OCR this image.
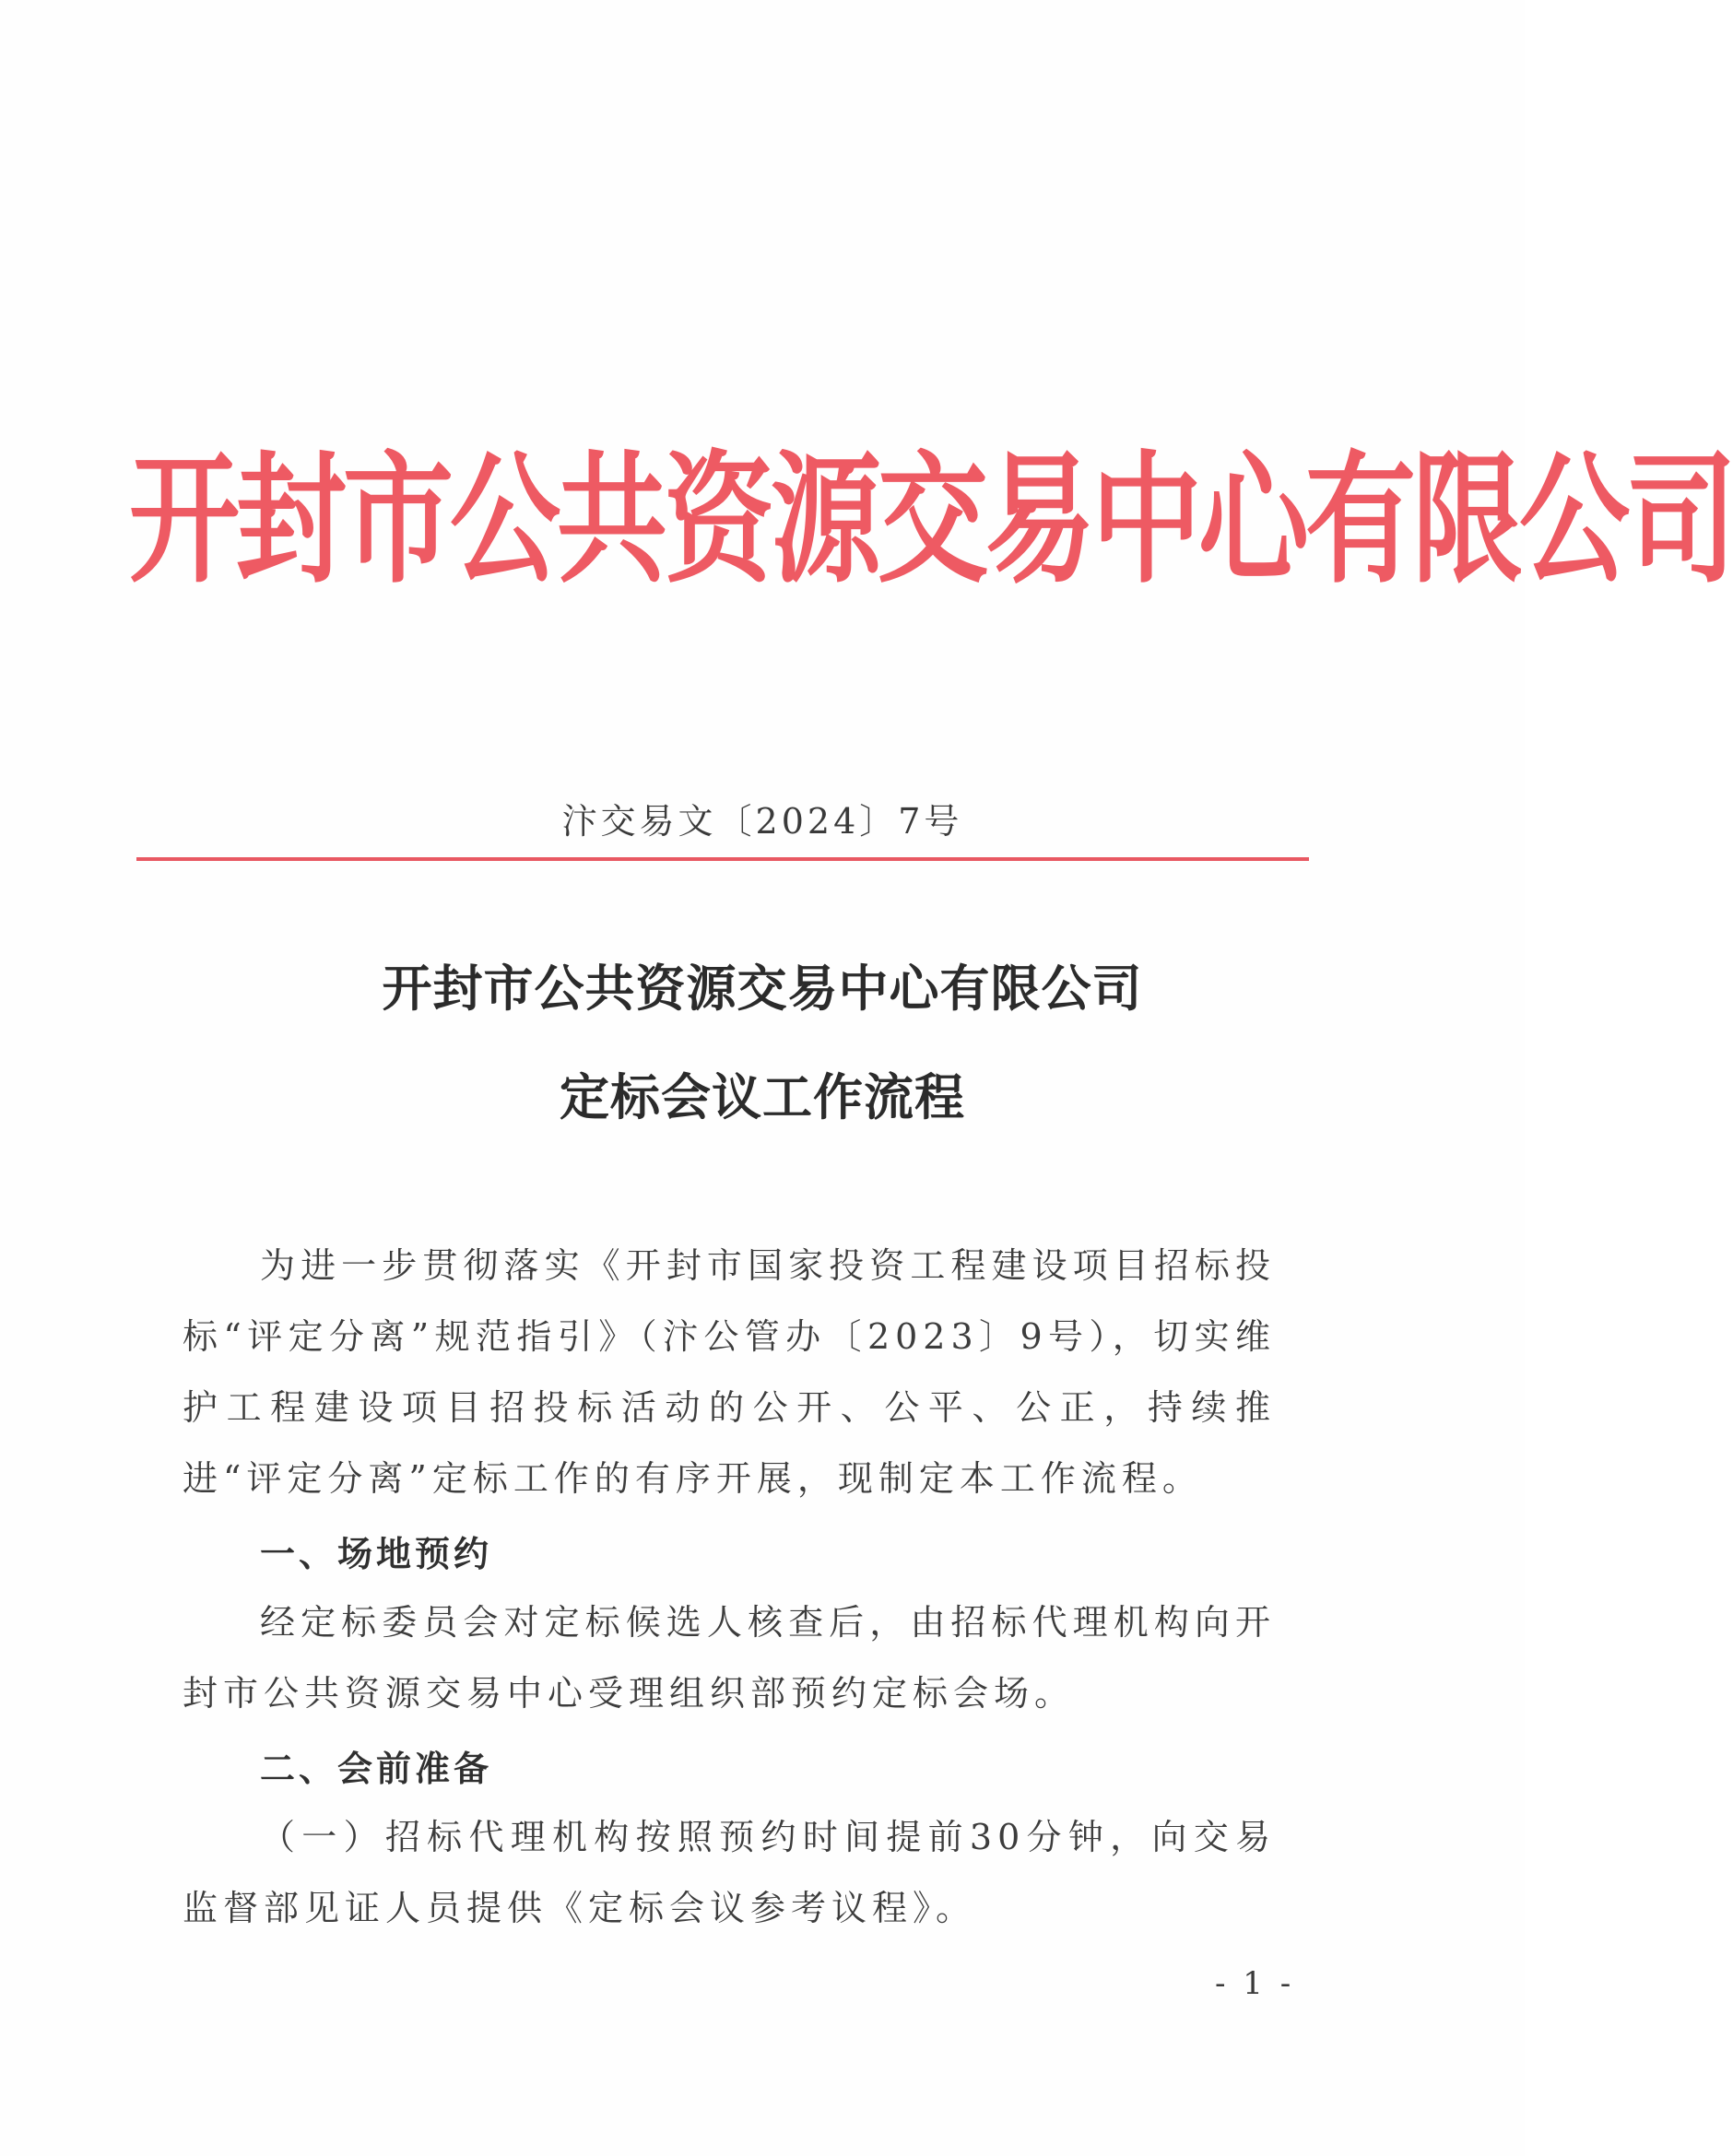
开封市公共资源交易中心有限公司
汴交易文〔2024〕7号
开封市公共资源交易中心有限公司
定标会议工作流程
为进一步贯彻落实《开封市国家投资工程建设项目招标投标“评定分离”规范指引》（汴公管办〔2023〕9号），切实维护工程建设项目招投标活动的公开、公平、公正，持续推进“评定分离”定标工作的有序开展，现制定本工作流程。
一、场地预约
经定标委员会对定标候选人核查后，由招标代理机构向开封市公共资源交易中心受理组织部预约定标会场。
二、会前准备
（一）招标代理机构按照预约时间提前30分钟，向交易监督部见证人员提供《定标会议参考议程》。
- 1 -
